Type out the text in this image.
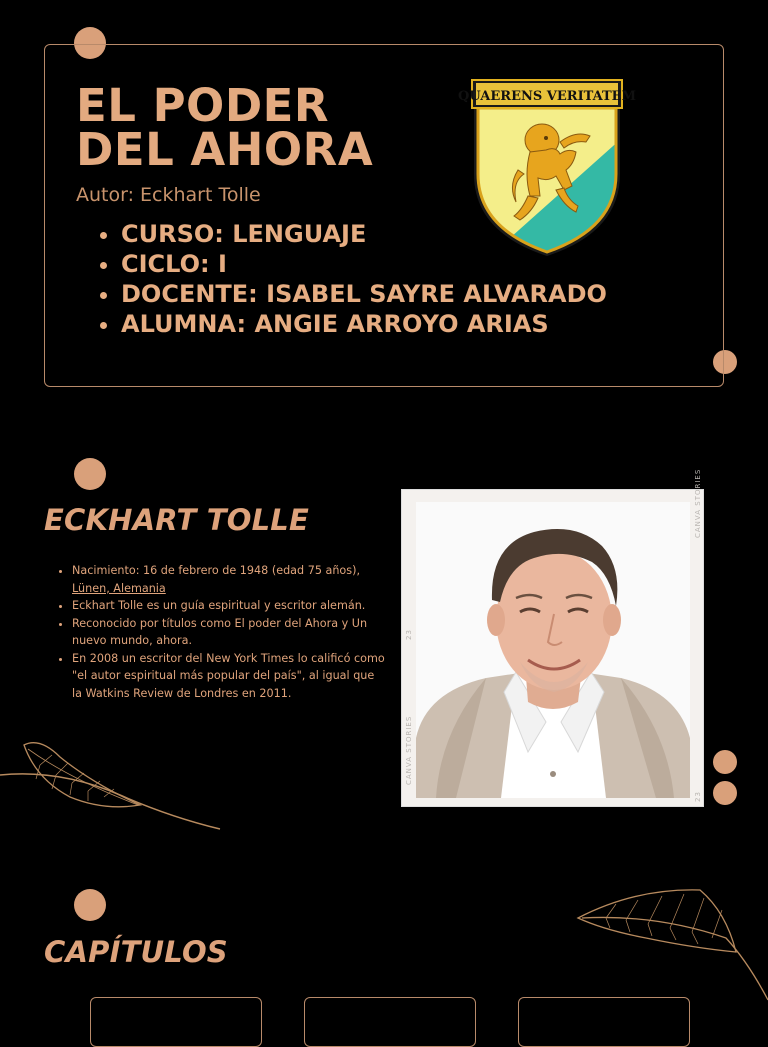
EL PODER
DEL AHORA
Autor: Eckhart Tolle
• CURSO: LENGUAJE
• CICLO: I
• DOCENTE: ISABEL SAYRE ALVARADO
• ALUMNA: ANGIE ARROYO ARIAS
QUAERENS VERITATEM
ECKHART TOLLE
• Nacimiento: 16 de febrero de 1948 (edad 75 años), Lünen, Alemania
• Eckhart Tolle es un guía espiritual y escritor alemán.
• Reconocido por títulos como El poder del Ahora y Un nuevo mundo, ahora.
• En 2008 un escritor del New York Times lo calificó como "el autor espiritual más popular del país", al igual que la Watkins Review de Londres en 2011.
CANVA STORIES
CANVA STORIES
23
23
CAPÍTULOS
